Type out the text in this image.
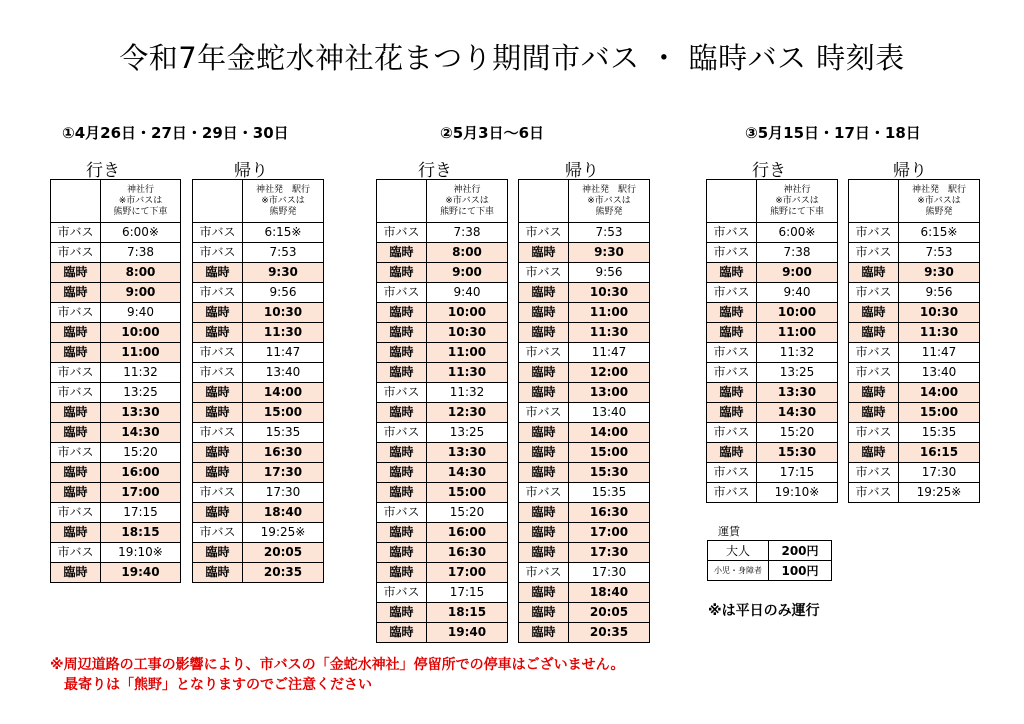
令和7年金蛇水神社花まつり期間市バス ・ 臨時バス 時刻表
①4月26日・27日・29日・30日
行き	帰り
	神社行
※市バスは
熊野にて下車
市バス	6:00※
市バス	7:38
臨時	8:00
臨時	9:00
市バス	9:40
臨時	10:00
臨時	11:00
市バス	11:32
市バス	13:25
臨時	13:30
臨時	14:30
市バス	15:20
臨時	16:00
臨時	17:00
市バス	17:15
臨時	18:15
市バス	19:10※
臨時	19:40
	神社発　駅行
※市バスは
熊野発
市バス	6:15※
市バス	7:53
臨時	9:30
市バス	9:56
臨時	10:30
臨時	11:30
市バス	11:47
市バス	13:40
臨時	14:00
臨時	15:00
市バス	15:35
臨時	16:30
臨時	17:30
市バス	17:30
臨時	18:40
市バス	19:25※
臨時	20:05
臨時	20:35
②5月3日～6日
行き	帰り
	神社行
※市バスは
熊野にて下車
市バス	7:38
臨時	8:00
臨時	9:00
市バス	9:40
臨時	10:00
臨時	10:30
臨時	11:00
臨時	11:30
市バス	11:32
臨時	12:30
市バス	13:25
臨時	13:30
臨時	14:30
臨時	15:00
市バス	15:20
臨時	16:00
臨時	16:30
臨時	17:00
市バス	17:15
臨時	18:15
臨時	19:40
	神社発　駅行
※市バスは
熊野発
市バス	7:53
臨時	9:30
市バス	9:56
臨時	10:30
臨時	11:00
臨時	11:30
市バス	11:47
臨時	12:00
臨時	13:00
市バス	13:40
臨時	14:00
臨時	15:00
臨時	15:30
市バス	15:35
臨時	16:30
臨時	17:00
臨時	17:30
市バス	17:30
臨時	18:40
臨時	20:05
臨時	20:35
③5月15日・17日・18日
行き	帰り
	神社行
※市バスは
熊野にて下車
市バス	6:00※
市バス	7:38
臨時	9:00
市バス	9:40
臨時	10:00
臨時	11:00
市バス	11:32
市バス	13:25
臨時	13:30
臨時	14:30
市バス	15:20
臨時	15:30
市バス	17:15
市バス	19:10※
	神社発　駅行
※市バスは
熊野発
市バス	6:15※
市バス	7:53
臨時	9:30
市バス	9:56
臨時	10:30
臨時	11:30
市バス	11:47
市バス	13:40
臨時	14:00
臨時	15:00
市バス	15:35
臨時	16:15
市バス	17:30
市バス	19:25※
運賃
大人	200円
小児・身障者	100円
※は平日のみ運行
※周辺道路の工事の影響により、市バスの「金蛇水神社」停留所での停車はございません。
最寄りは「熊野」となりますのでご注意ください
